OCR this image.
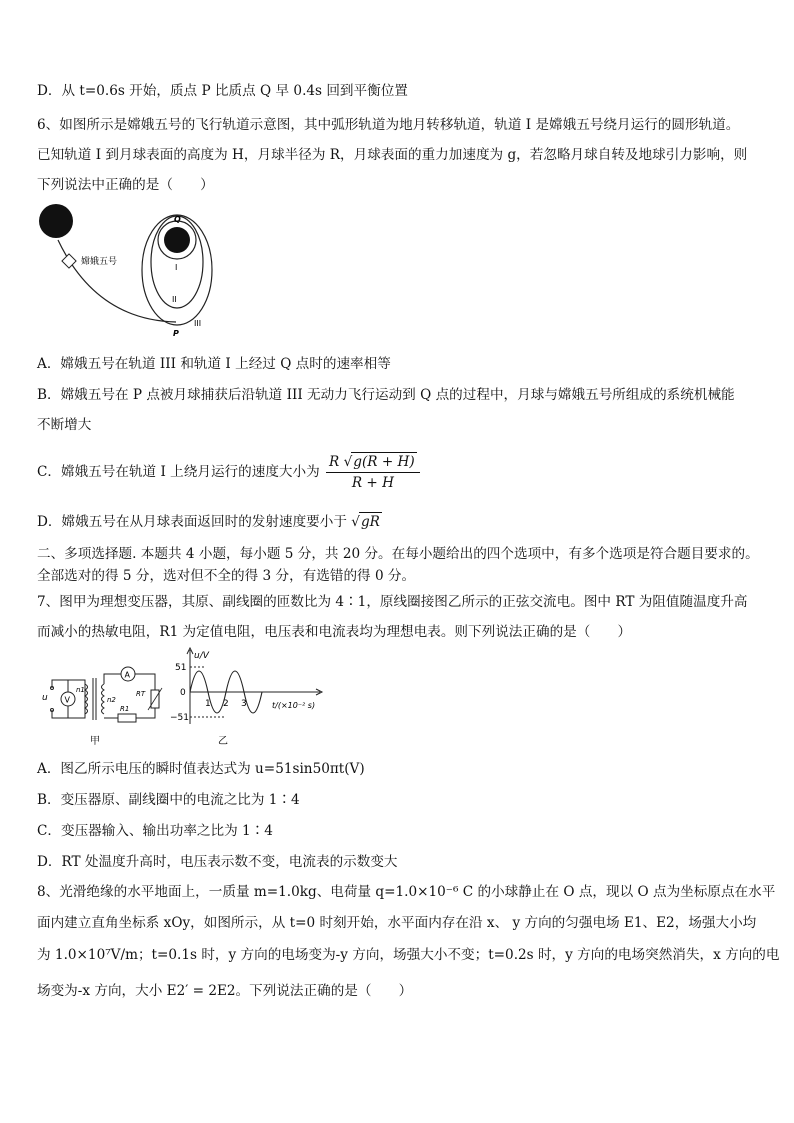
D．从 t=0.6s 开始，质点 P 比质点 Q 早 0.4s 回到平衡位置
6、如图所示是嫦娥五号的飞行轨道示意图，其中弧形轨道为地月转移轨道，轨道 I 是嫦娥五号绕月运行的圆形轨道。
已知轨道 I 到月球表面的高度为 H，月球半径为 R，月球表面的重力加速度为 g，若忽略月球自转及地球引力影响，则
下列说法中正确的是（　　）
嫦娥五号
Q
I
II
P
III
A．嫦娥五号在轨道 III 和轨道 I 上经过 Q 点时的速率相等
B．嫦娥五号在 P 点被月球捕获后沿轨道 III 无动力飞行运动到 Q 点的过程中，月球与嫦娥五号所组成的系统机械能
不断增大
C．嫦娥五号在轨道 I 上绕月运行的速度大小为 $\frac{R √g(R + H)}{R + H}$
D．嫦娥五号在从月球表面返回时的发射速度要小于 √gR
二、多项选择题. 本题共 4 小题，每小题 5 分，共 20 分。在每小题给出的四个选项中，有多个选项是符合题目要求的。
全部选对的得 5 分，选对但不全的得 3 分，有选错的得 0 分。
7、图甲为理想变压器，其原、副线圈的匝数比为 4∶1，原线圈接图乙所示的正弦交流电。图中 RT 为阻值随温度升高
而减小的热敏电阻，R1 为定值电阻，电压表和电流表均为理想电表。则下列说法正确的是（　　）
u V
n1
n2
A
R1
RT
甲
u/V
51
0
−51
1 2 3	t/(×10⁻² s)
乙
A．图乙所示电压的瞬时值表达式为 u=51sin50πt(V)
B．变压器原、副线圈中的电流之比为 1∶4
C．变压器输入、输出功率之比为 1∶4
D．RT 处温度升高时，电压表示数不变，电流表的示数变大
8、光滑绝缘的水平地面上，一质量 m=1.0kg、电荷量 q=1.0×10⁻⁶ C 的小球静止在 O 点，现以 O 点为坐标原点在水平
面内建立直角坐标系 xOy，如图所示，从 t=0 时刻开始，水平面内存在沿 x、 y 方向的匀强电场 E1、E2，场强大小均
为 1.0×10⁷V/m；t=0.1s 时，y 方向的电场变为-y 方向，场强大小不变；t=0.2s 时，y 方向的电场突然消失，x 方向的电
场变为-x 方向，大小 E2′ = 2E2。下列说法正确的是（　　）
